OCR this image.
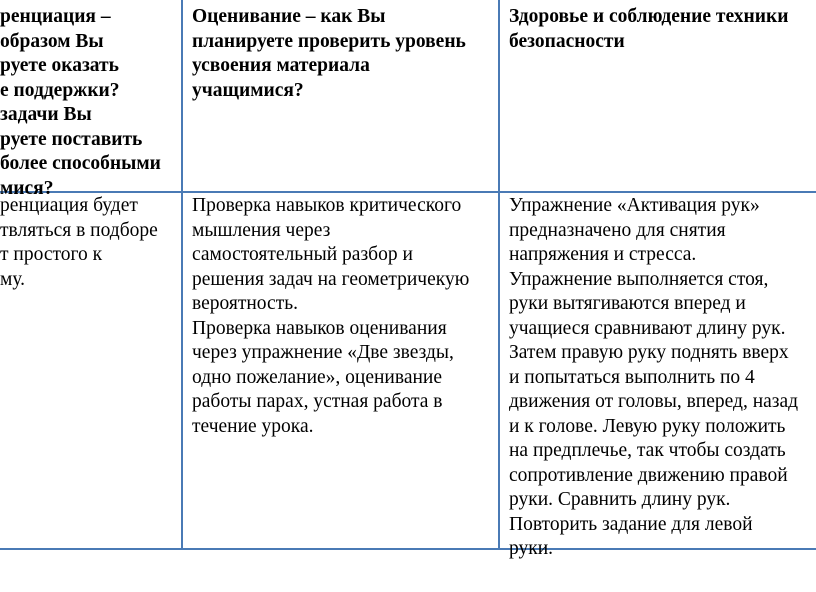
ренциация –
образом Вы
руете оказать
е поддержки?
задачи Вы
руете поставить
более способными
мися?
Оценивание – как Вы
планируете проверить уровень
усвоения материала
учащимися?
Здоровье и соблюдение техники
безопасности
ренциация будет
твляться в подборе
т простого к
му.
Проверка навыков критического
мышления через
самостоятельный разбор и
решения задач на геометричекую
вероятность.
Проверка навыков оценивания
через упражнение «Две звезды,
одно пожелание», оценивание
работы парах, устная работа в
течение урока.
Упражнение «Активация рук»
предназначено для снятия
напряжения и стресса.
Упражнение выполняется стоя,
руки вытягиваются вперед и
учащиеся сравнивают длину рук.
Затем правую руку поднять вверх
и попытаться выполнить по 4
движения от головы, вперед, назад
и к голове. Левую руку положить
на предплечье, так чтобы создать
сопротивление движению правой
руки. Сравнить длину рук.
Повторить задание для левой
руки.
